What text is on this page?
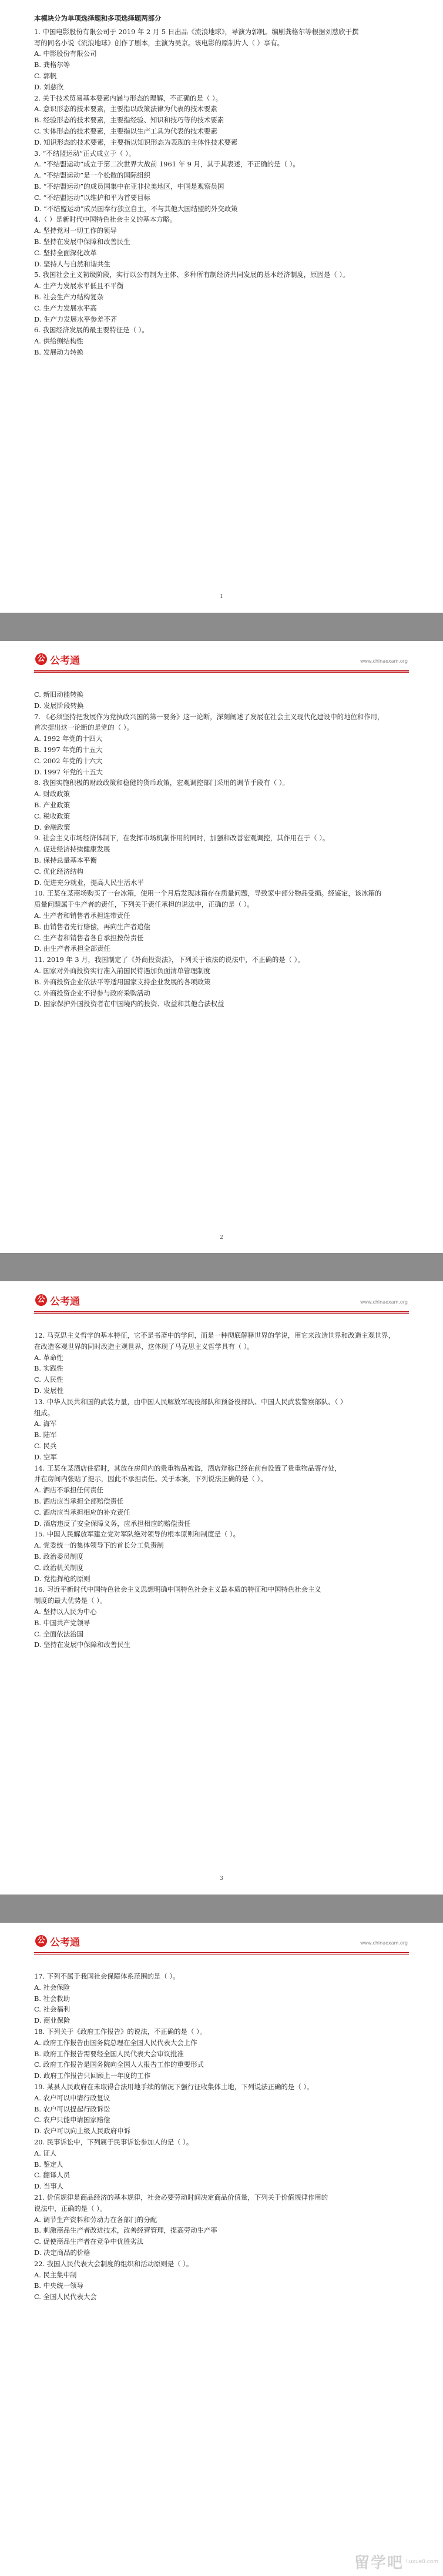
本模块分为单项选择题和多项选择题两部分

1. 中国电影股份有限公司于 2019 年 2 月 5 日出品《流浪地球》，导演为郭帆。编剧龚格尔等根据刘慈欣于撰

写的同名小说《流浪地球》创作了剧本，主演为吴京。该电影的原制片人（ ）享有。

A. 中影股份有限公司

B. 龚格尔等

C. 郭帆

D. 刘慈欣

2. 关于技术贸易基本要素内涵与形态的理解，不正确的是（ ）。

A. 意识形态的技术要素，主要指以政策法律为代表的技术要素

B. 经验形态的技术要素，主要指经验、知识和技巧等的技术要素

C. 实体形态的技术要素，主要指以生产工具为代表的技术要素

D. 知识形态的技术要素，主要指以知识形态为表现的主体性技术要素

3. “不结盟运动”正式成立于（ ）。

A. “不结盟运动”成立于第二次世界大战前 1961 年 9 月，其于其表述，不正确的是（ ）。

A. “不结盟运动”是一个松散的国际组织

B. “不结盟运动”的成员国集中在亚非拉美地区，中国是观察员国

C. “不结盟运动”以维护和平为首要目标

D. “不结盟运动”成员国奉行独立自主，不与其他大国结盟的外交政策

4.（ ）是新时代中国特色社会主义的基本方略。

A. 坚持党对一切工作的领导

B. 坚持在发展中保障和改善民生

C. 坚持全面深化改革

D. 坚持人与自然和谐共生

5. 我国社会主义初级阶段，实行以公有制为主体、多种所有制经济共同发展的基本经济制度，原因是（ ）。

A. 生产力发展水平低且不平衡

B. 社会生产力结构复杂

C. 生产力发展水平高

D. 生产力发展水平参差不齐

6. 我国经济发展的最主要特征是（ ）。

A. 供给侧结构性

B. 发展动力转换

1
公 公考通	www.chinaexam.org

C. 新旧动能转换

D. 发展阶段转换

7. 《必须坚持把发展作为党执政兴国的第一要务》这一论断，深刻阐述了发展在社会主义现代化建设中的地位和作用，

首次提出这一论断的是党的（ ）。

A. 1992 年党的十四大

B. 1997 年党的十五大

C. 2002 年党的十六大

D. 1997 年党的十五大

8. 我国实施积极的财政政策和稳健的货币政策，宏观调控部门采用的调节手段有（ ）。

A. 财政政策

B. 产业政策

C. 税收政策

D. 金融政策

9. 社会主义市场经济体制下，在发挥市场机制作用的同时，加强和改善宏观调控，其作用在于（ ）。

A. 促进经济持续健康发展

B. 保持总量基本平衡

C. 优化经济结构

D. 促进充分就业，提高人民生活水平

10. 王某在某商场购买了一台冰箱，使用一个月后发现冰箱存在质量问题，导致家中部分物品受损。经鉴定，该冰箱的

质量问题属于生产者的责任，下列关于责任承担的说法中，正确的是（ ）。

A. 生产者和销售者承担连带责任

B. 由销售者先行赔偿，再向生产者追偿

C. 生产者和销售者各自承担按份责任

D. 由生产者承担全部责任

11. 2019 年 3 月，我国制定了《外商投资法》，下列关于该法的说法中，不正确的是（ ）。

A. 国家对外商投资实行准入前国民待遇加负面清单管理制度

B. 外商投资企业依法平等适用国家支持企业发展的各项政策

C. 外商投资企业不得参与政府采购活动

D. 国家保护外国投资者在中国境内的投资、收益和其他合法权益

2
公 公考通	www.chinaexam.org

12. 马克思主义哲学的基本特征，它不是书斋中的学问，而是一种彻底解释世界的学说，用它来改造世界和改造主观世界，

在改造客观世界的同时改造主观世界，这体现了马克思主义哲学具有（ ）。

A. 革命性

B. 实践性

C. 人民性

D. 发展性

13. 中华人民共和国的武装力量，由中国人民解放军现役部队和预备役部队、中国人民武装警察部队、（ ）

组成。

A. 海军

B. 陆军

C. 民兵

D. 空军

14. 王某在某酒店住宿时，其放在房间内的贵重物品被盗，酒店辩称已经在前台设置了贵重物品寄存处，

并在房间内张贴了提示，因此不承担责任。关于本案，下列说法正确的是（ ）。

A. 酒店不承担任何责任

B. 酒店应当承担全部赔偿责任

C. 酒店应当承担相应的补充责任

D. 酒店违反了安全保障义务，应承担相应的赔偿责任

15. 中国人民解放军建立党对军队绝对领导的根本原则和制度是（ ）。

A. 党委统一的集体领导下的首长分工负责制

B. 政治委员制度

C. 政治机关制度

D. 党指挥枪的原则

16. 习近平新时代中国特色社会主义思想明确中国特色社会主义最本质的特征和中国特色社会主义

制度的最大优势是（ ）。

A. 坚持以人民为中心

B. 中国共产党领导

C. 全面依法治国

D. 坚持在发展中保障和改善民生

3
公 公考通	www.chinaexam.org

17. 下列不属于我国社会保障体系范围的是（ ）。

A. 社会保险

B. 社会救助

C. 社会福利

D. 商业保险

18. 下列关于《政府工作报告》的说法，不正确的是（ ）。

A. 政府工作报告由国务院总理在全国人民代表大会上作

B. 政府工作报告需要经全国人民代表大会审议批准

C. 政府工作报告是国务院向全国人大报告工作的重要形式

D. 政府工作报告只回顾上一年度的工作

19. 某县人民政府在未取得合法用地手续的情况下强行征收集体土地，下列说法正确的是（ ）。

A. 农户可以申请行政复议

B. 农户可以提起行政诉讼

C. 农户只能申请国家赔偿

D. 农户可以向上级人民政府申诉

20. 民事诉讼中，下列属于民事诉讼参加人的是（ ）。

A. 证人

B. 鉴定人

C. 翻译人员

D. 当事人

21. 价值规律是商品经济的基本规律，社会必要劳动时间决定商品价值量，下列关于价值规律作用的

说法中，正确的是（ ）。

A. 调节生产资料和劳动力在各部门的分配

B. 刺激商品生产者改进技术，改善经营管理，提高劳动生产率

C. 促使商品生产者在竞争中优胜劣汰

D. 决定商品的价格

22. 我国人民代表大会制度的组织和活动原则是（ ）。

A. 民主集中制

B. 中央统一领导

C. 全国人民代表大会

留学吧 liuxue8.com
